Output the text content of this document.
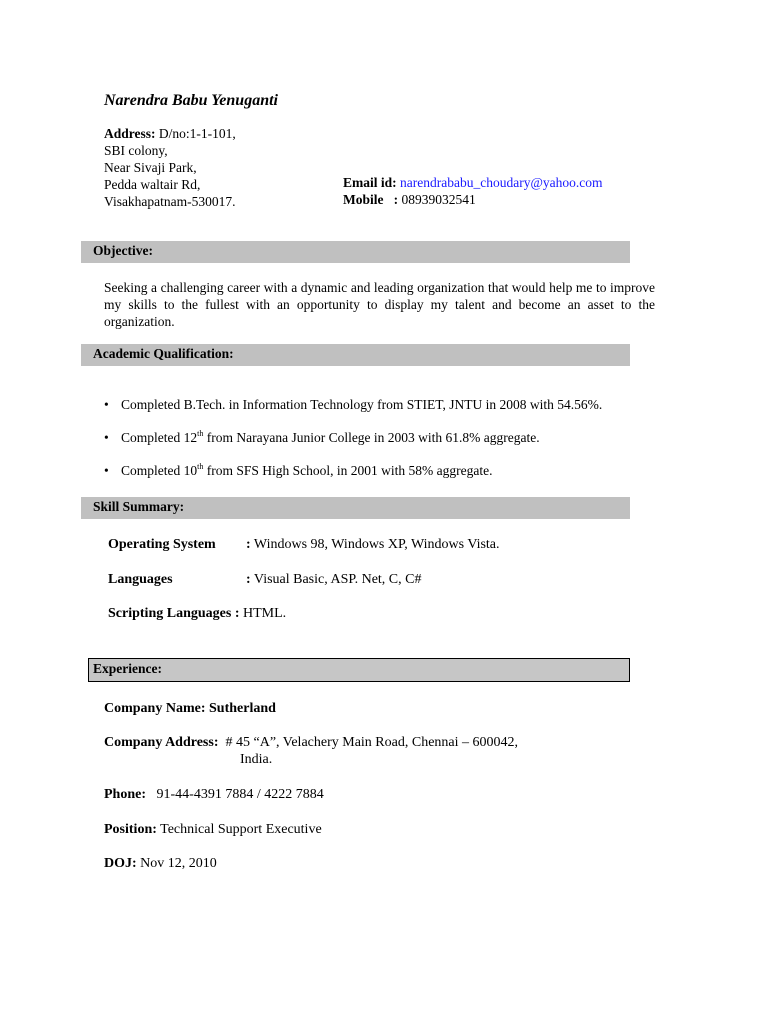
Narendra Babu Yenuganti
Address: D/no:1-1-101,
SBI colony,
Near Sivaji Park,
Pedda waltair Rd,
Visakhapatnam-530017.
Email id: narendrababu_choudary@yahoo.com
Mobile   : 08939032541
Objective:
Seeking a challenging career with a dynamic and leading organization that would help me to improve my skills to the fullest with an opportunity to display my talent and become an asset to the organization.
Academic Qualification:
• Completed B.Tech. in Information Technology from STIET, JNTU in 2008 with 54.56%.
• Completed 12th from Narayana Junior College in 2003 with 61.8% aggregate.
• Completed 10th from SFS High School, in 2001 with 58% aggregate.
Skill Summary:
Operating System : Windows 98, Windows XP, Windows Vista.
Languages	: Visual Basic, ASP. Net, C, C#
Scripting Languages : HTML.
Experience:
Company Name: Sutherland
Company Address: # 45 “A”, Velachery Main Road, Chennai – 600042,
India.
Phone: 91-44-4391 7884 / 4222 7884
Position: Technical Support Executive
DOJ: Nov 12, 2010
